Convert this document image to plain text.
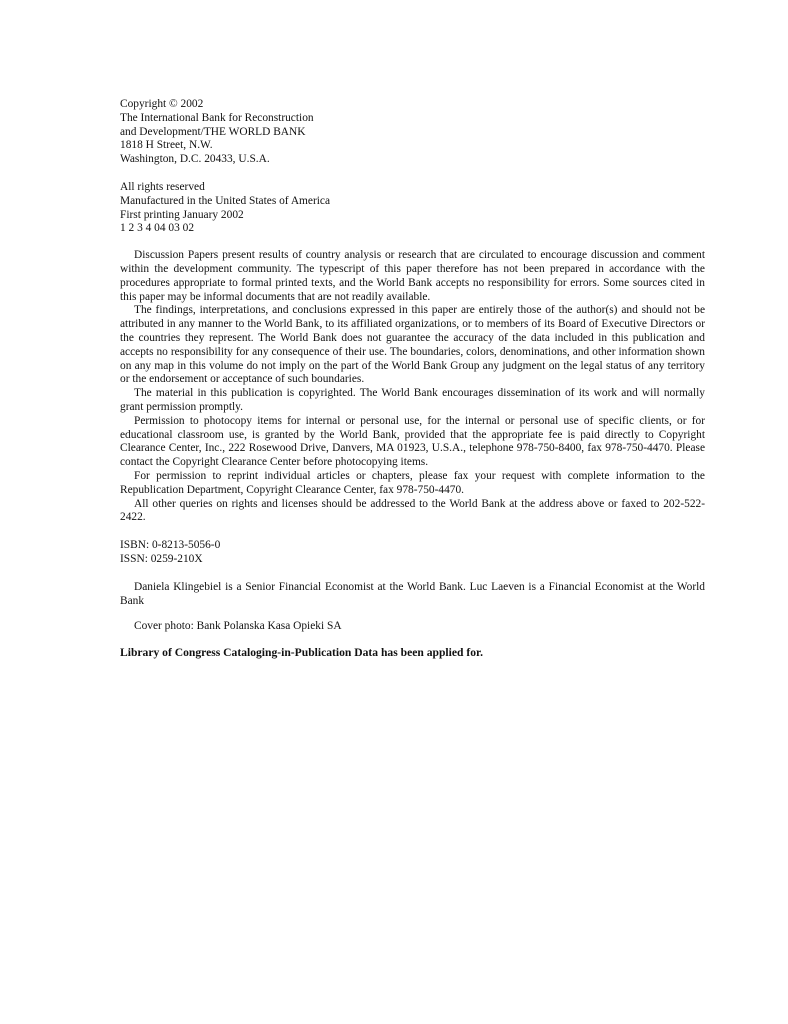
Copyright © 2002
The International Bank for Reconstruction
and Development/THE WORLD BANK
1818 H Street, N.W.
Washington, D.C. 20433, U.S.A.
All rights reserved
Manufactured in the United States of America
First printing January 2002
1 2 3 4 04 03 02

Discussion Papers present results of country analysis or research that are circulated to encourage discussion and comment within the development community. The typescript of this paper therefore has not been prepared in accordance with the procedures appropriate to formal printed texts, and the World Bank accepts no responsibility for errors. Some sources cited in this paper may be informal documents that are not readily available.

The findings, interpretations, and conclusions expressed in this paper are entirely those of the author(s) and should not be attributed in any manner to the World Bank, to its affiliated organizations, or to members of its Board of Executive Directors or the countries they represent. The World Bank does not guarantee the accuracy of the data included in this publication and accepts no responsibility for any consequence of their use. The boundaries, colors, denominations, and other information shown on any map in this volume do not imply on the part of the World Bank Group any judgment on the legal status of any territory or the endorsement or acceptance of such boundaries.

The material in this publication is copyrighted. The World Bank encourages dissemination of its work and will normally grant permission promptly.

Permission to photocopy items for internal or personal use, for the internal or personal use of specific clients, or for educational classroom use, is granted by the World Bank, provided that the appropriate fee is paid directly to Copyright Clearance Center, Inc., 222 Rosewood Drive, Danvers, MA 01923, U.S.A., telephone 978-750-8400, fax 978-750-4470. Please contact the Copyright Clearance Center before photocopying items.

For permission to reprint individual articles or chapters, please fax your request with complete information to the Republication Department, Copyright Clearance Center, fax 978-750-4470.

All other queries on rights and licenses should be addressed to the World Bank at the address above or faxed to 202-522-2422.

ISBN: 0-8213-5056-0
ISSN: 0259-210X

Daniela Klingebiel is a Senior Financial Economist at the World Bank. Luc Laeven is a Financial Economist at the World Bank

Cover photo: Bank Polanska Kasa Opieki SA

Library of Congress Cataloging-in-Publication Data has been applied for.
